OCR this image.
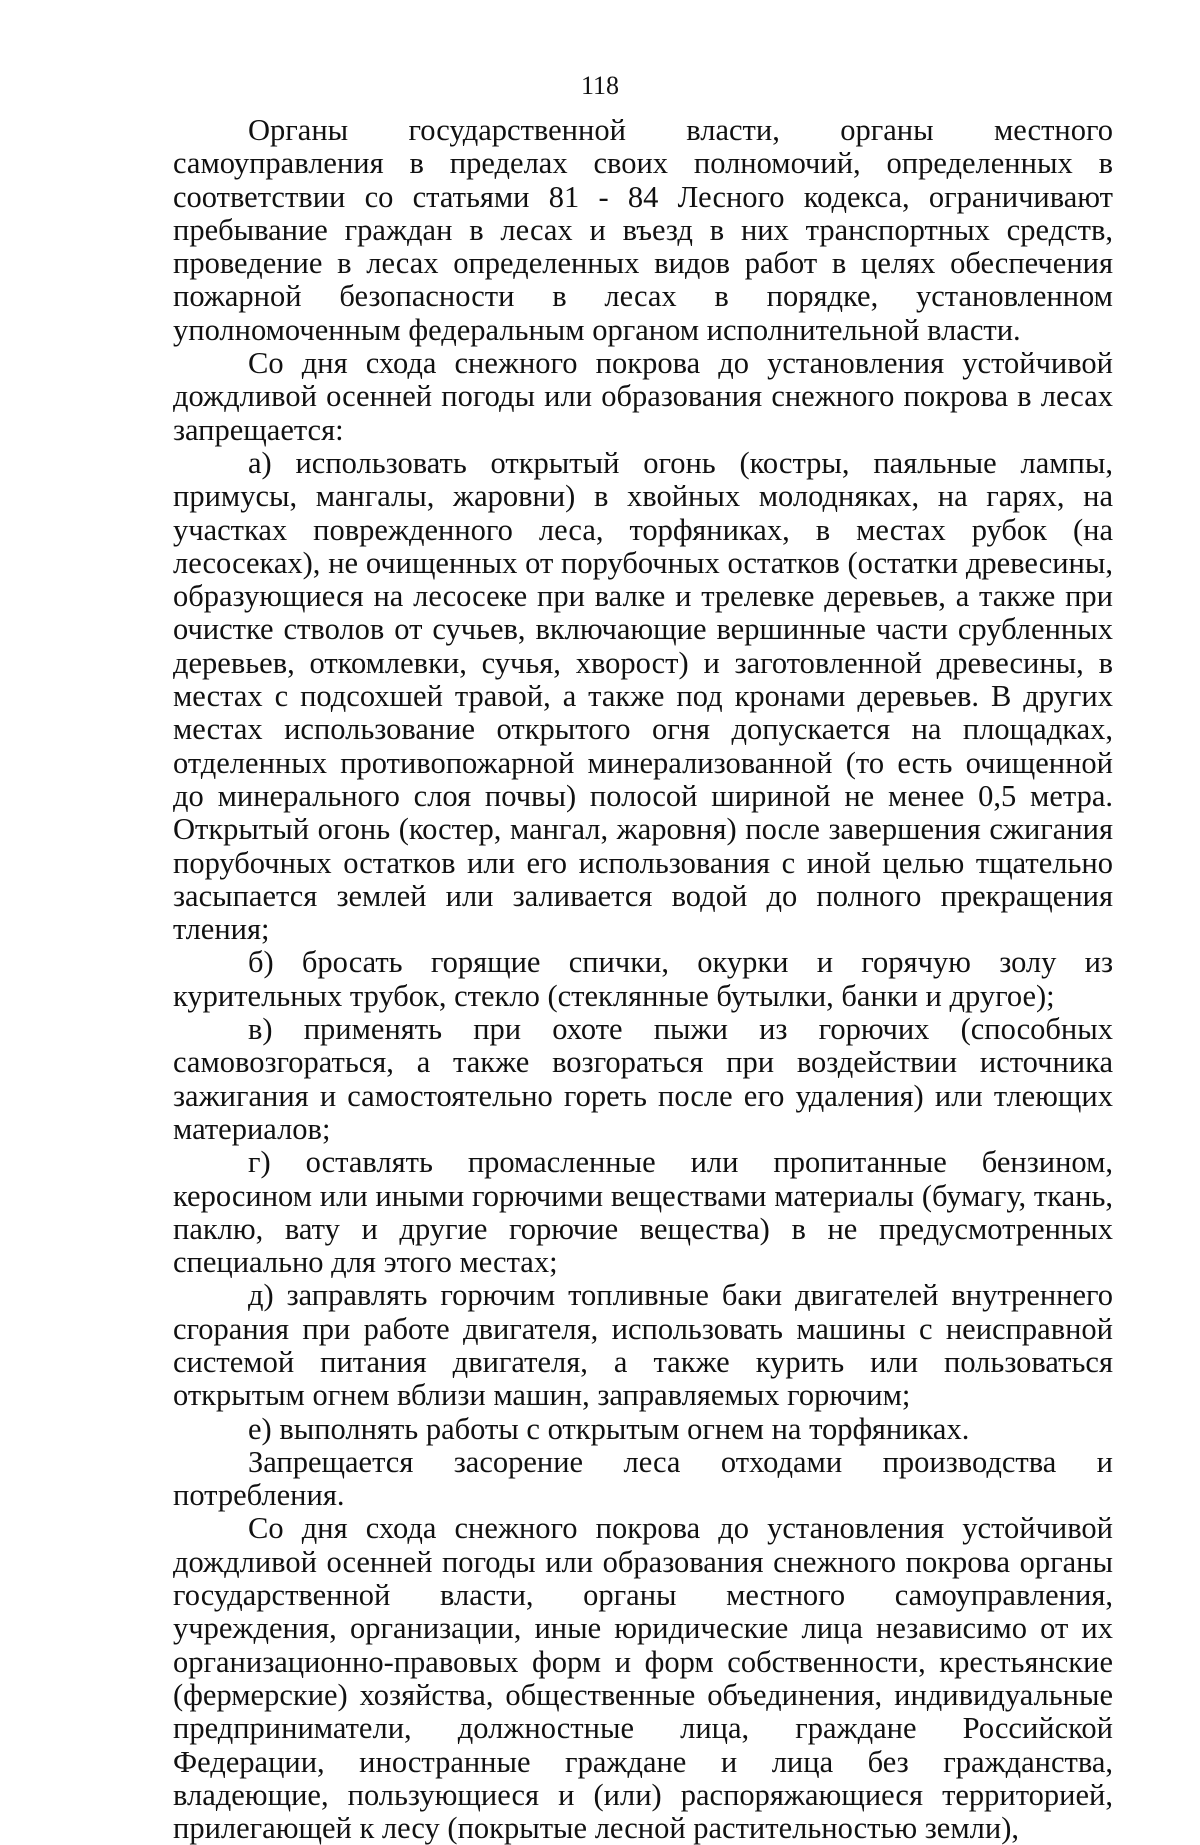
118

Органы государственной власти, органы местного самоуправления в пределах своих полномочий, определенных в соответствии со статьями 81 - 84 Лесного кодекса, ограничивают пребывание граждан в лесах и въезд в них транспортных средств, проведение в лесах определенных видов работ в целях обеспечения пожарной безопасности в лесах в порядке, установленном уполномоченным федеральным органом исполнительной власти.

Со дня схода снежного покрова до установления устойчивой дождливой осенней погоды или образования снежного покрова в лесах запрещается:

а) использовать открытый огонь (костры, паяльные лампы, примусы, мангалы, жаровни) в хвойных молодняках, на гарях, на участках поврежденного леса, торфяниках, в местах рубок (на лесосеках), не очищенных от порубочных остатков (остатки древесины, образующиеся на лесосеке при валке и трелевке деревьев, а также при очистке стволов от сучьев, включающие вершинные части срубленных деревьев, откомлевки, сучья, хворост) и заготовленной древесины, в местах с подсохшей травой, а также под кронами деревьев. В других местах использование открытого огня допускается на площадках, отделенных противопожарной минерализованной (то есть очищенной до минерального слоя почвы) полосой шириной не менее 0,5 метра. Открытый огонь (костер, мангал, жаровня) после завершения сжигания порубочных остатков или его использования с иной целью тщательно засыпается землей или заливается водой до полного прекращения тления;

б) бросать горящие спички, окурки и горячую золу из курительных трубок, стекло (стеклянные бутылки, банки и другое);

в) применять при охоте пыжи из горючих (способных самовозгораться, а также возгораться при воздействии источника зажигания и самостоятельно гореть после его удаления) или тлеющих материалов;

г) оставлять промасленные или пропитанные бензином, керосином или иными горючими веществами материалы (бумагу, ткань, паклю, вату и другие горючие вещества) в не предусмотренных специально для этого местах;

д) заправлять горючим топливные баки двигателей внутреннего сгорания при работе двигателя, использовать машины с неисправной системой питания двигателя, а также курить или пользоваться открытым огнем вблизи машин, заправляемых горючим;

е) выполнять работы с открытым огнем на торфяниках.

Запрещается засорение леса отходами производства и потребления.

Со дня схода снежного покрова до установления устойчивой дождливой осенней погоды или образования снежного покрова органы государственной власти, органы местного самоуправления, учреждения, организации, иные юридические лица независимо от их организационно-правовых форм и форм собственности, крестьянские (фермерские) хозяйства, общественные объединения, индивидуальные предприниматели, должностные лица, граждане Российской Федерации, иностранные граждане и лица без гражданства, владеющие, пользующиеся и (или) распоряжающиеся территорией, прилегающей к лесу (покрытые лесной растительностью земли),
